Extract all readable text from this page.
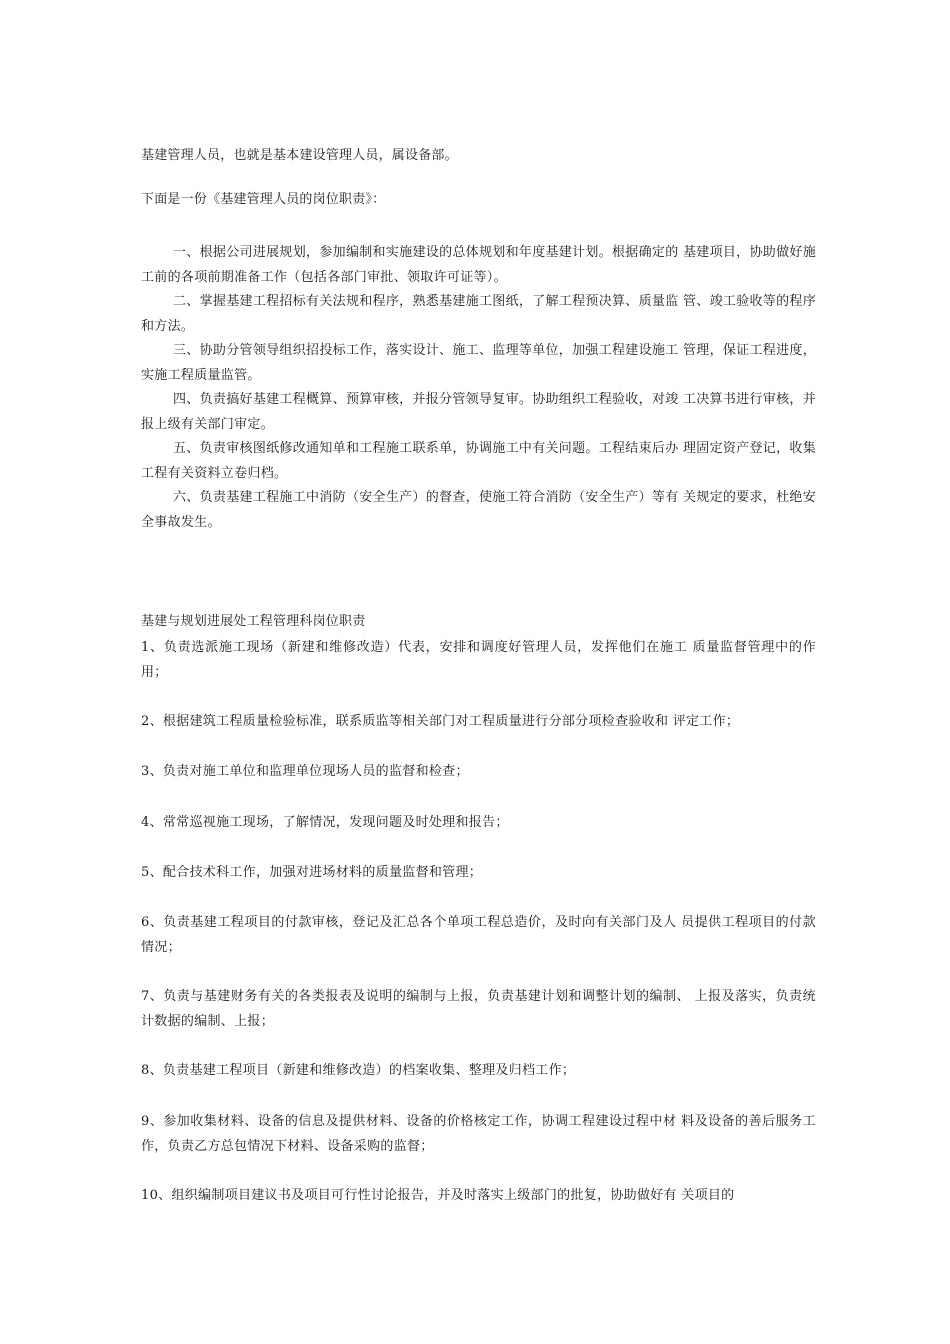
基建管理人员，也就是基本建设管理人员，属设备部。
下面是一份《基建管理人员的岗位职责》：
一、根据公司进展规划，参加编制和实施建设的总体规划和年度基建计划。根据确定的 基建项目，协助做好施工前的各项前期准备工作（包括各部门审批、领取许可证等）。
二、掌握基建工程招标有关法规和程序，熟悉基建施工图纸，了解工程预决算、质量监 管、竣工验收等的程序和方法。
三、协助分管领导组织招投标工作，落实设计、施工、监理等单位，加强工程建设施工 管理，保证工程进度，实施工程质量监管。
四、负责搞好基建工程概算、预算审核，并报分管领导复审。协助组织工程验收，对竣 工决算书进行审核，并报上级有关部门审定。
五、负责审核图纸修改通知单和工程施工联系单，协调施工中有关问题。工程结束后办 理固定资产登记，收集工程有关资料立卷归档。
六、负责基建工程施工中消防（安全生产）的督查，使施工符合消防（安全生产）等有 关规定的要求，杜绝安全事故发生。
基建与规划进展处工程管理科岗位职责
1、负责选派施工现场（新建和维修改造）代表，安排和调度好管理人员，发挥他们在施工 质量监督管理中的作用；
2、根据建筑工程质量检验标准，联系质监等相关部门对工程质量进行分部分项检查验收和 评定工作；
3、负责对施工单位和监理单位现场人员的监督和检查；
4、常常巡视施工现场，了解情况，发现问题及时处理和报告；
5、配合技术科工作，加强对进场材料的质量监督和管理；
6、负责基建工程项目的付款审核，登记及汇总各个单项工程总造价，及时向有关部门及人 员提供工程项目的付款情况；
7、负责与基建财务有关的各类报表及说明的编制与上报，负责基建计划和调整计划的编制、 上报及落实，负责统计数据的编制、上报；
8、负责基建工程项目（新建和维修改造）的档案收集、整理及归档工作；
9、参加收集材料、设备的信息及提供材料、设备的价格核定工作，协调工程建设过程中材 料及设备的善后服务工作，负责乙方总包情况下材料、设备采购的监督；
10、组织编制项目建议书及项目可行性讨论报告，并及时落实上级部门的批复，协助做好有 关项目的
